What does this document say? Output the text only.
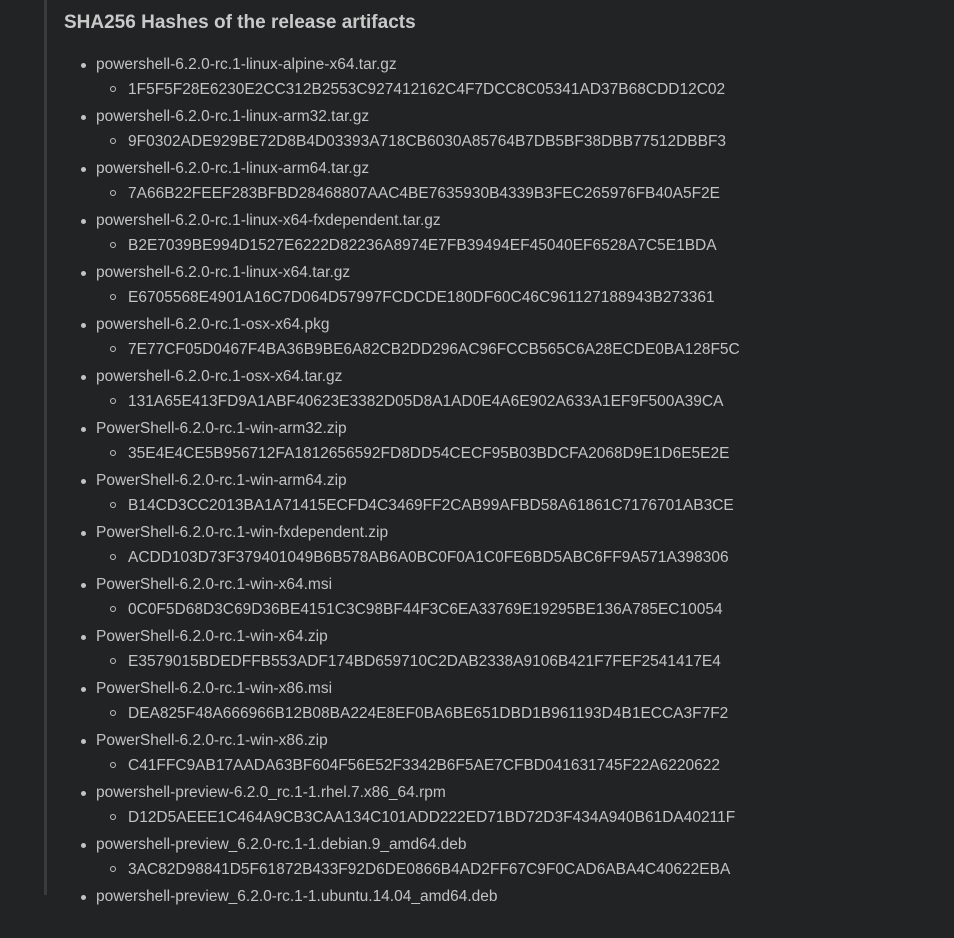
SHA256 Hashes of the release artifacts
powershell-6.2.0-rc.1-linux-alpine-x64.tar.gz
1F5F5F28E6230E2CC312B2553C927412162C4F7DCC8C05341AD37B68CDD12C02
powershell-6.2.0-rc.1-linux-arm32.tar.gz
9F0302ADE929BE72D8B4D03393A718CB6030A85764B7DB5BF38DBB77512DBBF3
powershell-6.2.0-rc.1-linux-arm64.tar.gz
7A66B22FEEF283BFBD28468807AAC4BE7635930B4339B3FEC265976FB40A5F2E
powershell-6.2.0-rc.1-linux-x64-fxdependent.tar.gz
B2E7039BE994D1527E6222D82236A8974E7FB39494EF45040EF6528A7C5E1BDA
powershell-6.2.0-rc.1-linux-x64.tar.gz
E6705568E4901A16C7D064D57997FCDCDE180DF60C46C961127188943B273361
powershell-6.2.0-rc.1-osx-x64.pkg
7E77CF05D0467F4BA36B9BE6A82CB2DD296AC96FCCB565C6A28ECDE0BA128F5C
powershell-6.2.0-rc.1-osx-x64.tar.gz
131A65E413FD9A1ABF40623E3382D05D8A1AD0E4A6E902A633A1EF9F500A39CA
PowerShell-6.2.0-rc.1-win-arm32.zip
35E4E4CE5B956712FA1812656592FD8DD54CECF95B03BDCFA2068D9E1D6E5E2E
PowerShell-6.2.0-rc.1-win-arm64.zip
B14CD3CC2013BA1A71415ECFD4C3469FF2CAB99AFBD58A61861C7176701AB3CE
PowerShell-6.2.0-rc.1-win-fxdependent.zip
ACDD103D73F379401049B6B578AB6A0BC0F0A1C0FE6BD5ABC6FF9A571A398306
PowerShell-6.2.0-rc.1-win-x64.msi
0C0F5D68D3C69D36BE4151C3C98BF44F3C6EA33769E19295BE136A785EC10054
PowerShell-6.2.0-rc.1-win-x64.zip
E3579015BDEDFFB553ADF174BD659710C2DAB2338A9106B421F7FEF2541417E4
PowerShell-6.2.0-rc.1-win-x86.msi
DEA825F48A666966B12B08BA224E8EF0BA6BE651DBD1B961193D4B1ECCA3F7F2
PowerShell-6.2.0-rc.1-win-x86.zip
C41FFC9AB17AADA63BF604F56E52F3342B6F5AE7CFBD041631745F22A6220622
powershell-preview-6.2.0_rc.1-1.rhel.7.x86_64.rpm
D12D5AEEE1C464A9CB3CAA134C101ADD222ED71BD72D3F434A940B61DA40211F
powershell-preview_6.2.0-rc.1-1.debian.9_amd64.deb
3AC82D98841D5F61872B433F92D6DE0866B4AD2FF67C9F0CAD6ABA4C40622EBA
powershell-preview_6.2.0-rc.1-1.ubuntu.14.04_amd64.deb
